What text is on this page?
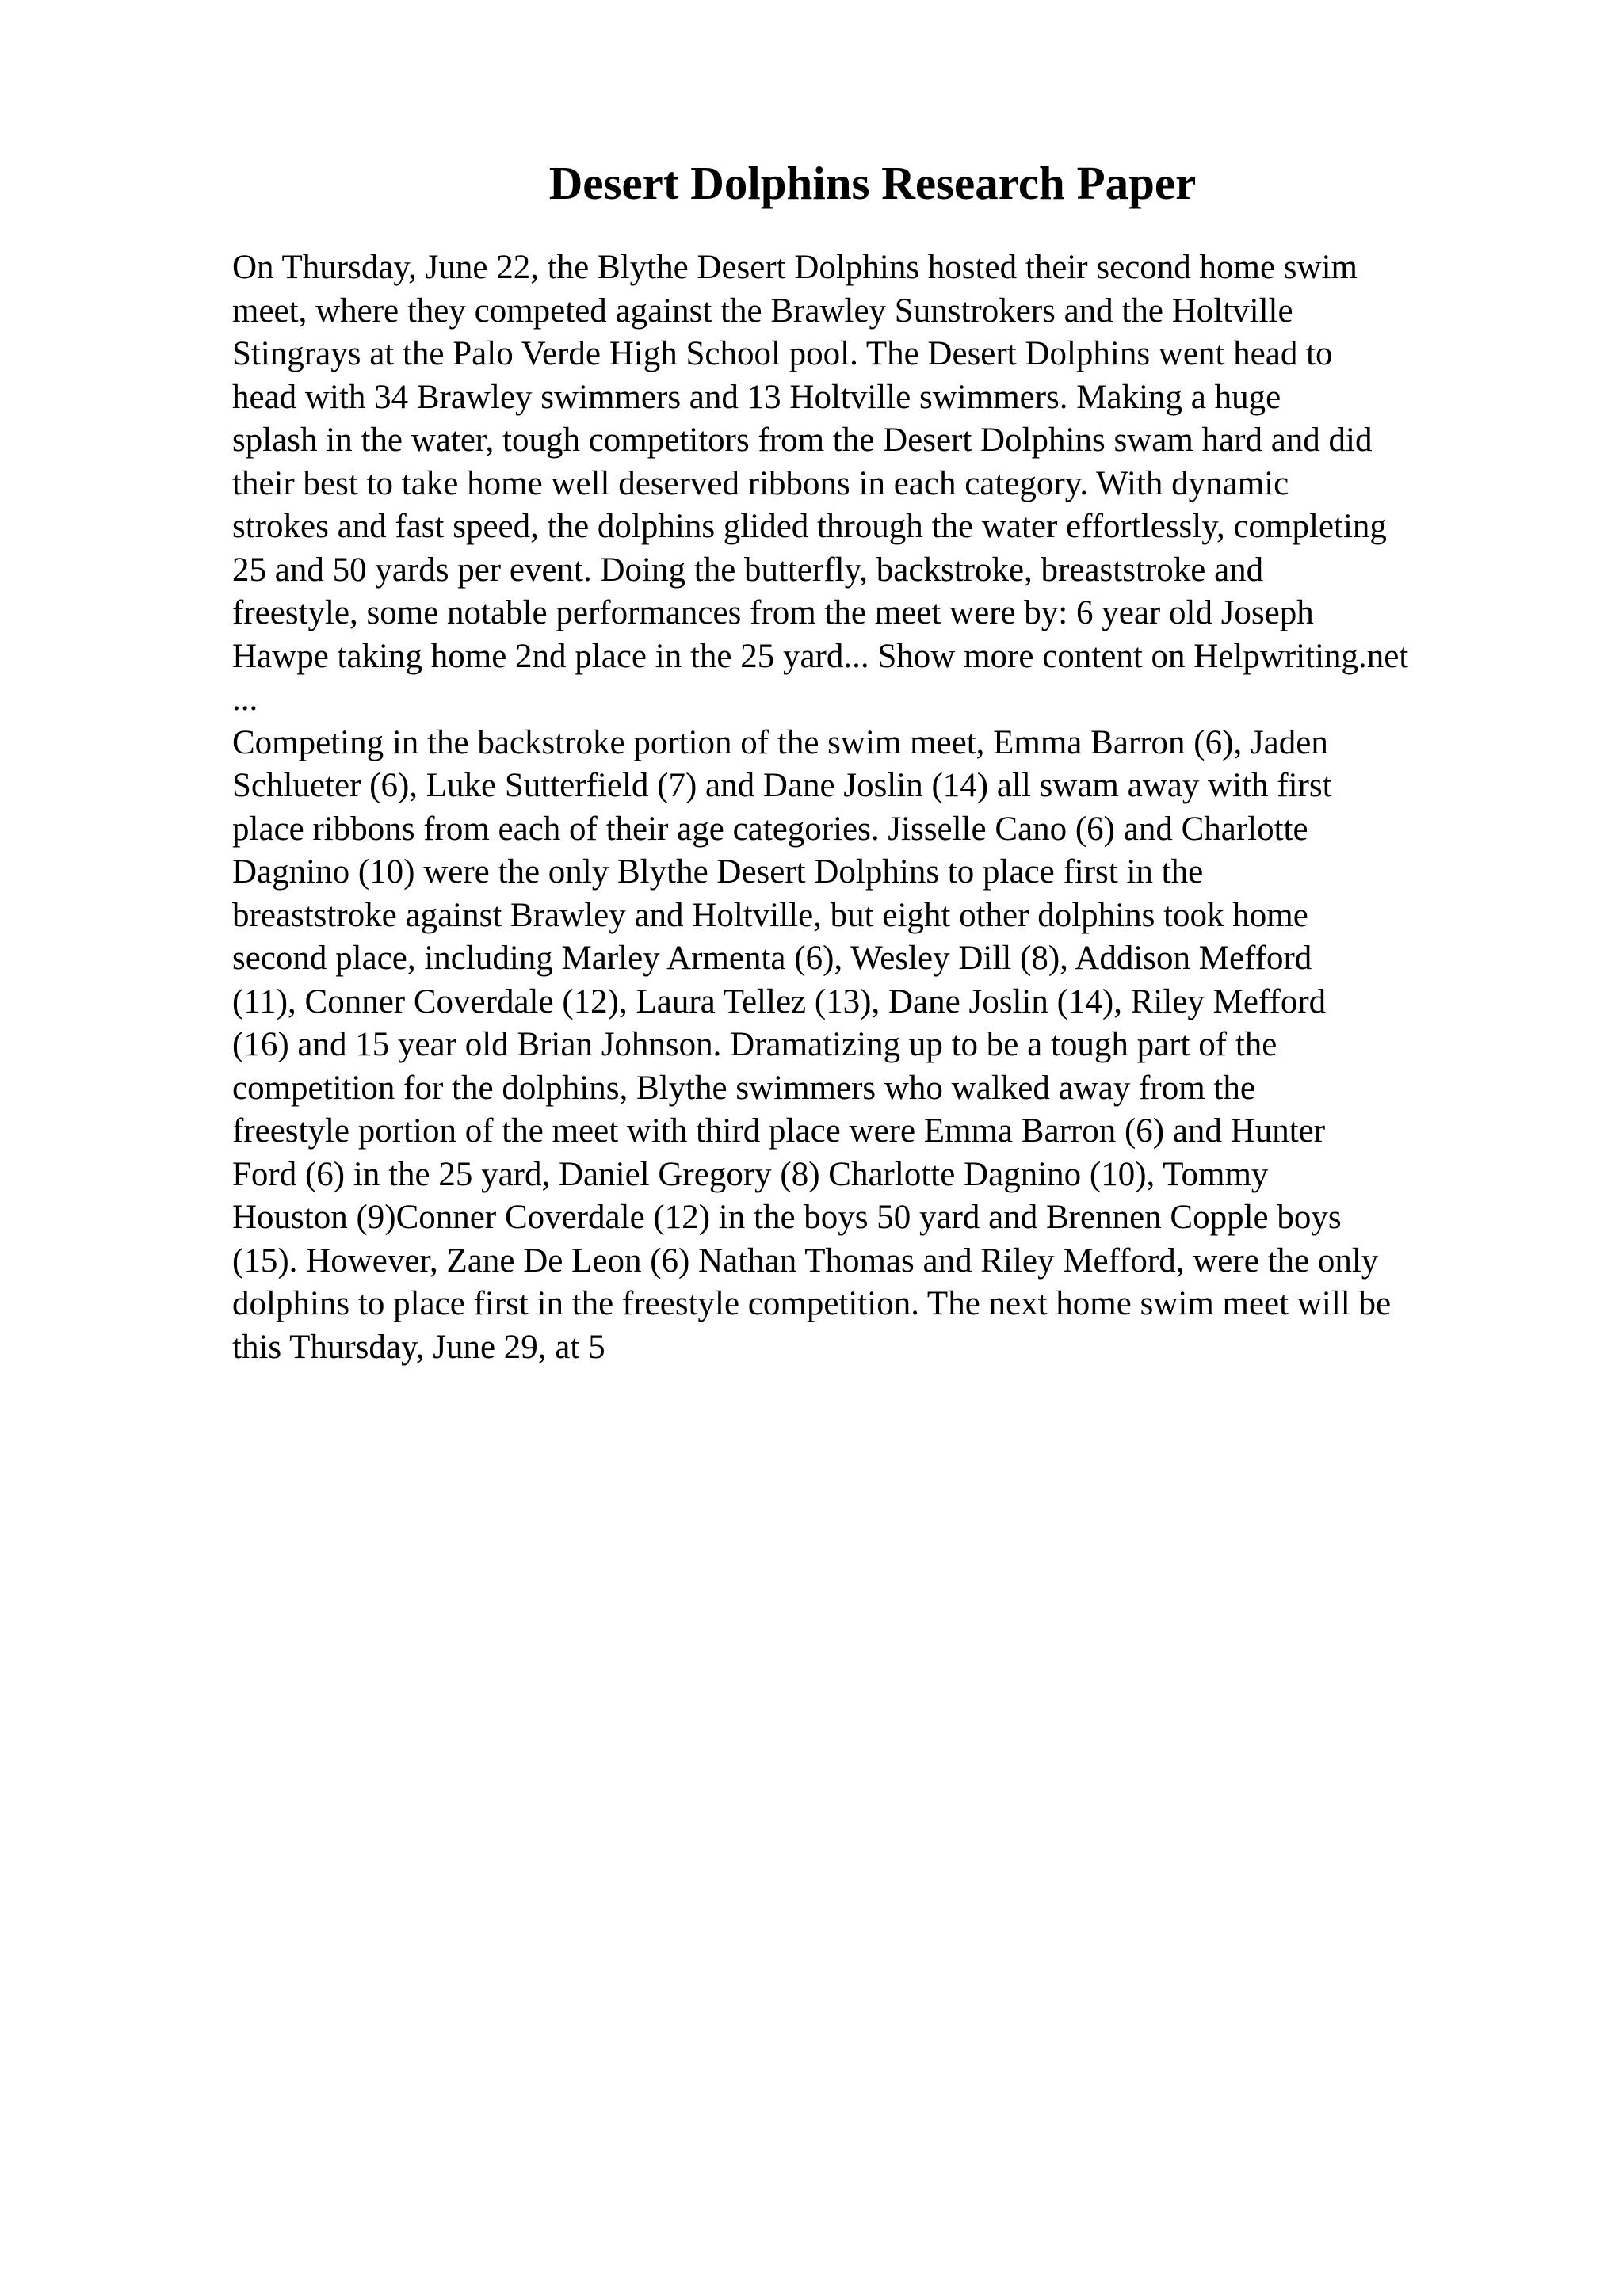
Desert Dolphins Research Paper
On Thursday, June 22, the Blythe Desert Dolphins hosted their second home swim
meet, where they competed against the Brawley Sunstrokers and the Holtville
Stingrays at the Palo Verde High School pool. The Desert Dolphins went head to
head with 34 Brawley swimmers and 13 Holtville swimmers. Making a huge
splash in the water, tough competitors from the Desert Dolphins swam hard and did
their best to take home well deserved ribbons in each category. With dynamic
strokes and fast speed, the dolphins glided through the water effortlessly, completing
25 and 50 yards per event. Doing the butterfly, backstroke, breaststroke and
freestyle, some notable performances from the meet were by: 6 year old Joseph
Hawpe taking home 2nd place in the 25 yard... Show more content on Helpwriting.net
...
Competing in the backstroke portion of the swim meet, Emma Barron (6), Jaden
Schlueter (6), Luke Sutterfield (7) and Dane Joslin (14) all swam away with first
place ribbons from each of their age categories. Jisselle Cano (6) and Charlotte
Dagnino (10) were the only Blythe Desert Dolphins to place first in the
breaststroke against Brawley and Holtville, but eight other dolphins took home
second place, including Marley Armenta (6), Wesley Dill (8), Addison Mefford
(11), Conner Coverdale (12), Laura Tellez (13), Dane Joslin (14), Riley Mefford
(16) and 15 year old Brian Johnson. Dramatizing up to be a tough part of the
competition for the dolphins, Blythe swimmers who walked away from the
freestyle portion of the meet with third place were Emma Barron (6) and Hunter
Ford (6) in the 25 yard, Daniel Gregory (8) Charlotte Dagnino (10), Tommy
Houston (9)Conner Coverdale (12) in the boys 50 yard and Brennen Copple boys
(15). However, Zane De Leon (6) Nathan Thomas and Riley Mefford, were the only
dolphins to place first in the freestyle competition. The next home swim meet will be
this Thursday, June 29, at 5
